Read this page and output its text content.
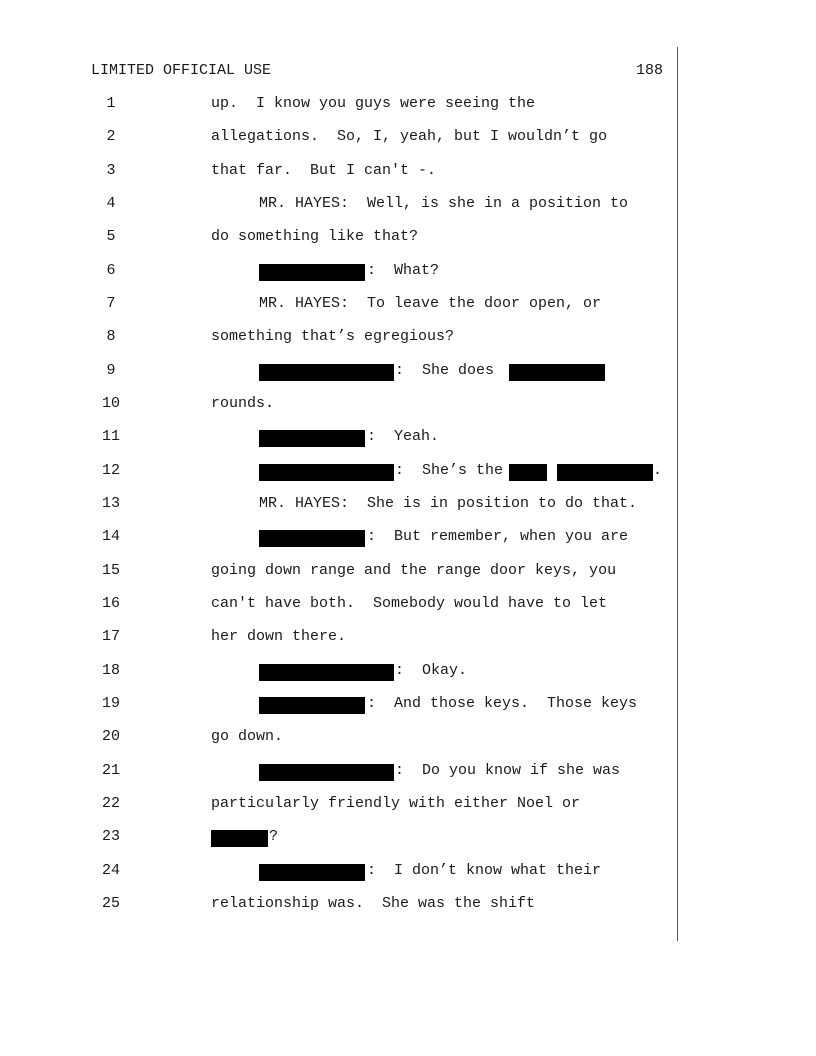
LIMITED OFFICIAL USE	188
1	up.  I know you guys were seeing the
2	allegations.  So, I, yeah, but I wouldn’t go
3	that far.  But I can't -.
4	MR. HAYES:  Well, is she in a position to
5	do something like that?
6	:  What?
7	MR. HAYES:  To leave the door open, or
8	something that’s egregious?
9	:  She does
10	rounds.
11	:  Yeah.
12	:  She’s the	.
13	MR. HAYES:  She is in position to do that.
14	:  But remember, when you are
15	going down range and the range door keys, you
16	can't have both.  Somebody would have to let
17	her down there.
18	:  Okay.
19	:  And those keys.  Those keys
20	go down.
21	:  Do you know if she was
22	particularly friendly with either Noel or
23	?
24	:  I don’t know what their
25	relationship was.  She was the shift
